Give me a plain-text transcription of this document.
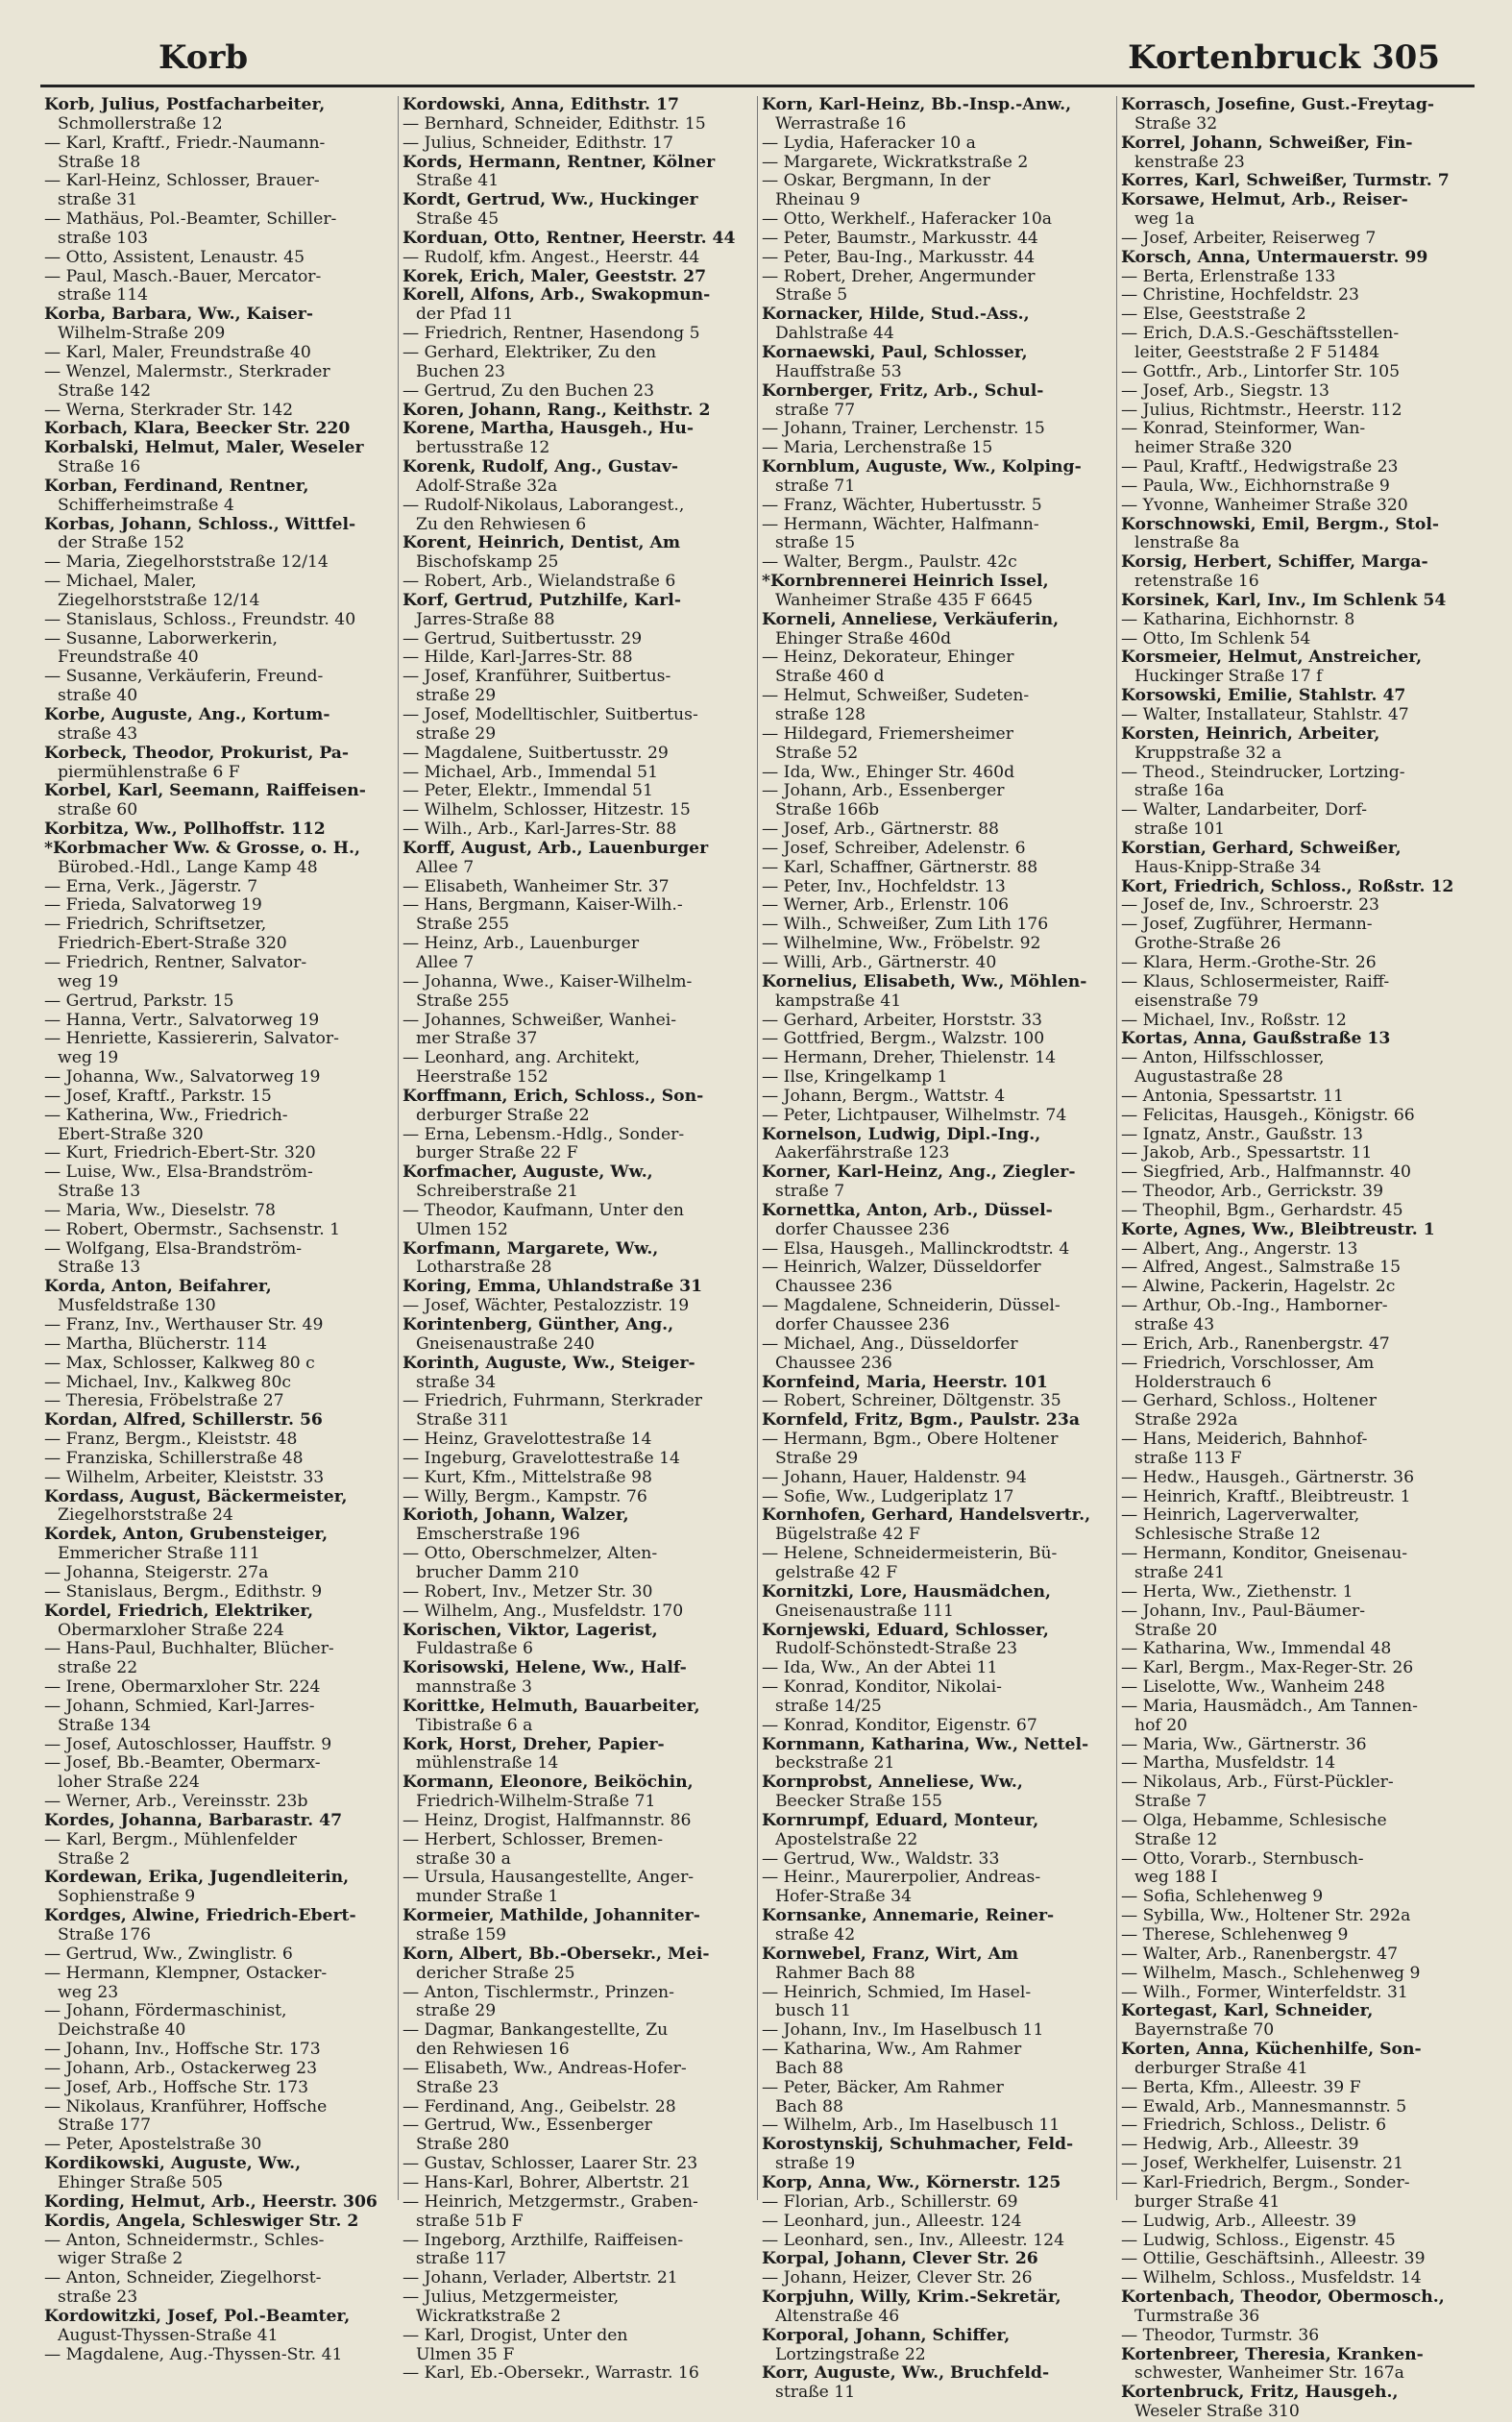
Korb	Kortenbruck 305
Korb, Julius, Postfacharbeiter,
Schmollerstraße 12
— Karl, Kraftf., Friedr.-Naumann-
Straße 18
— Karl-Heinz, Schlosser, Brauer-
straße 31
— Mathäus, Pol.-Beamter, Schiller-
straße 103
— Otto, Assistent, Lenaustr. 45
— Paul, Masch.-Bauer, Mercator-
straße 114
Korba, Barbara, Ww., Kaiser-
Wilhelm-Straße 209
— Karl, Maler, Freundstraße 40
— Wenzel, Malermstr., Sterkrader
Straße 142
— Werna, Sterkrader Str. 142
Korbach, Klara, Beecker Str. 220
Korbalski, Helmut, Maler, Weseler
Straße 16
Korban, Ferdinand, Rentner,
Schifferheimstraße 4
Korbas, Johann, Schloss., Wittfel-
der Straße 152
— Maria, Ziegelhorststraße 12/14
— Michael, Maler,
Ziegelhorststraße 12/14
— Stanislaus, Schloss., Freundstr. 40
— Susanne, Laborwerkerin,
Freundstraße 40
— Susanne, Verkäuferin, Freund-
straße 40
Korbe, Auguste, Ang., Kortum-
straße 43
Korbeck, Theodor, Prokurist, Pa-
piermühlenstraße 6 F
Korbel, Karl, Seemann, Raiffeisen-
straße 60
Korbitza, Ww., Pollhoffstr. 112
*Korbmacher Ww. & Grosse, o. H.,
Bürobed.-Hdl., Lange Kamp 48
— Erna, Verk., Jägerstr. 7
— Frieda, Salvatorweg 19
— Friedrich, Schriftsetzer,
Friedrich-Ebert-Straße 320
— Friedrich, Rentner, Salvator-
weg 19
— Gertrud, Parkstr. 15
— Hanna, Vertr., Salvatorweg 19
— Henriette, Kassiererin, Salvator-
weg 19
— Johanna, Ww., Salvatorweg 19
— Josef, Kraftf., Parkstr. 15
— Katherina, Ww., Friedrich-
Ebert-Straße 320
— Kurt, Friedrich-Ebert-Str. 320
— Luise, Ww., Elsa-Brandström-
Straße 13
— Maria, Ww., Dieselstr. 78
— Robert, Obermstr., Sachsenstr. 1
— Wolfgang, Elsa-Brandström-
Straße 13
Korda, Anton, Beifahrer,
Musfeldstraße 130
— Franz, Inv., Werthauser Str. 49
— Martha, Blücherstr. 114
— Max, Schlosser, Kalkweg 80 c
— Michael, Inv., Kalkweg 80c
— Theresia, Fröbelstraße 27
Kordan, Alfred, Schillerstr. 56
— Franz, Bergm., Kleiststr. 48
— Franziska, Schillerstraße 48
— Wilhelm, Arbeiter, Kleiststr. 33
Kordass, August, Bäckermeister,
Ziegelhorststraße 24
Kordek, Anton, Grubensteiger,
Emmericher Straße 111
— Johanna, Steigerstr. 27a
— Stanislaus, Bergm., Edithstr. 9
Kordel, Friedrich, Elektriker,
Obermarxloher Straße 224
— Hans-Paul, Buchhalter, Blücher-
straße 22
— Irene, Obermarxloher Str. 224
— Johann, Schmied, Karl-Jarres-
Straße 134
— Josef, Autoschlosser, Hauffstr. 9
— Josef, Bb.-Beamter, Obermarx-
loher Straße 224
— Werner, Arb., Vereinsstr. 23b
Kordes, Johanna, Barbarastr. 47
— Karl, Bergm., Mühlenfelder
Straße 2
Kordewan, Erika, Jugendleiterin,
Sophienstraße 9
Kordges, Alwine, Friedrich-Ebert-
Straße 176
— Gertrud, Ww., Zwinglistr. 6
— Hermann, Klempner, Ostacker-
weg 23
— Johann, Fördermaschinist,
Deichstraße 40
— Johann, Inv., Hoffsche Str. 173
— Johann, Arb., Ostackerweg 23
— Josef, Arb., Hoffsche Str. 173
— Nikolaus, Kranführer, Hoffsche
Straße 177
— Peter, Apostelstraße 30
Kordikowski, Auguste, Ww.,
Ehinger Straße 505
Kording, Helmut, Arb., Heerstr. 306
Kordis, Angela, Schleswiger Str. 2
— Anton, Schneidermstr., Schles-
wiger Straße 2
— Anton, Schneider, Ziegelhorst-
straße 23
Kordowitzki, Josef, Pol.-Beamter,
August-Thyssen-Straße 41
— Magdalene, Aug.-Thyssen-Str. 41
Kordowski, Anna, Edithstr. 17
— Bernhard, Schneider, Edithstr. 15
— Julius, Schneider, Edithstr. 17
Kords, Hermann, Rentner, Kölner
Straße 41
Kordt, Gertrud, Ww., Huckinger
Straße 45
Korduan, Otto, Rentner, Heerstr. 44
— Rudolf, kfm. Angest., Heerstr. 44
Korek, Erich, Maler, Geeststr. 27
Korell, Alfons, Arb., Swakopmun-
der Pfad 11
— Friedrich, Rentner, Hasendong 5
— Gerhard, Elektriker, Zu den
Buchen 23
— Gertrud, Zu den Buchen 23
Koren, Johann, Rang., Keithstr. 2
Korene, Martha, Hausgeh., Hu-
bertusstraße 12
Korenk, Rudolf, Ang., Gustav-
Adolf-Straße 32a
— Rudolf-Nikolaus, Laborangest.,
Zu den Rehwiesen 6
Korent, Heinrich, Dentist, Am
Bischofskamp 25
— Robert, Arb., Wielandstraße 6
Korf, Gertrud, Putzhilfe, Karl-
Jarres-Straße 88
— Gertrud, Suitbertusstr. 29
— Hilde, Karl-Jarres-Str. 88
— Josef, Kranführer, Suitbertus-
straße 29
— Josef, Modelltischler, Suitbertus-
straße 29
— Magdalene, Suitbertusstr. 29
— Michael, Arb., Immendal 51
— Peter, Elektr., Immendal 51
— Wilhelm, Schlosser, Hitzestr. 15
— Wilh., Arb., Karl-Jarres-Str. 88
Korff, August, Arb., Lauenburger
Allee 7
— Elisabeth, Wanheimer Str. 37
— Hans, Bergmann, Kaiser-Wilh.-
Straße 255
— Heinz, Arb., Lauenburger
Allee 7
— Johanna, Wwe., Kaiser-Wilhelm-
Straße 255
— Johannes, Schweißer, Wanhei-
mer Straße 37
— Leonhard, ang. Architekt,
Heerstraße 152
Korffmann, Erich, Schloss., Son-
derburger Straße 22
— Erna, Lebensm.-Hdlg., Sonder-
burger Straße 22 F
Korfmacher, Auguste, Ww.,
Schreiberstraße 21
— Theodor, Kaufmann, Unter den
Ulmen 152
Korfmann, Margarete, Ww.,
Lotharstraße 28
Koring, Emma, Uhlandstraße 31
— Josef, Wächter, Pestalozzistr. 19
Korintenberg, Günther, Ang.,
Gneisenaustraße 240
Korinth, Auguste, Ww., Steiger-
straße 34
— Friedrich, Fuhrmann, Sterkrader
Straße 311
— Heinz, Gravelottestraße 14
— Ingeburg, Gravelottestraße 14
— Kurt, Kfm., Mittelstraße 98
— Willy, Bergm., Kampstr. 76
Korioth, Johann, Walzer,
Emscherstraße 196
— Otto, Oberschmelzer, Alten-
brucher Damm 210
— Robert, Inv., Metzer Str. 30
— Wilhelm, Ang., Musfeldstr. 170
Korischen, Viktor, Lagerist,
Fuldastraße 6
Korisowski, Helene, Ww., Half-
mannstraße 3
Korittke, Helmuth, Bauarbeiter,
Tibistraße 6 a
Kork, Horst, Dreher, Papier-
mühlenstraße 14
Kormann, Eleonore, Beiköchin,
Friedrich-Wilhelm-Straße 71
— Heinz, Drogist, Halfmannstr. 86
— Herbert, Schlosser, Bremen-
straße 30 a
— Ursula, Hausangestellte, Anger-
munder Straße 1
Kormeier, Mathilde, Johanniter-
straße 159
Korn, Albert, Bb.-Obersekr., Mei-
dericher Straße 25
— Anton, Tischlermstr., Prinzen-
straße 29
— Dagmar, Bankangestellte, Zu
den Rehwiesen 16
— Elisabeth, Ww., Andreas-Hofer-
Straße 23
— Ferdinand, Ang., Geibelstr. 28
— Gertrud, Ww., Essenberger
Straße 280
— Gustav, Schlosser, Laarer Str. 23
— Hans-Karl, Bohrer, Albertstr. 21
— Heinrich, Metzgermstr., Graben-
straße 51b F
— Ingeborg, Arzthilfe, Raiffeisen-
straße 117
— Johann, Verlader, Albertstr. 21
— Julius, Metzgermeister,
Wickratkstraße 2
— Karl, Drogist, Unter den
Ulmen 35 F
— Karl, Eb.-Obersekr., Warrastr. 16
Korn, Karl-Heinz, Bb.-Insp.-Anw.,
Werrastraße 16
— Lydia, Haferacker 10 a
— Margarete, Wickratkstraße 2
— Oskar, Bergmann, In der
Rheinau 9
— Otto, Werkhelf., Haferacker 10a
— Peter, Baumstr., Markusstr. 44
— Peter, Bau-Ing., Markusstr. 44
— Robert, Dreher, Angermunder
Straße 5
Kornacker, Hilde, Stud.-Ass.,
Dahlstraße 44
Kornaewski, Paul, Schlosser,
Hauffstraße 53
Kornberger, Fritz, Arb., Schul-
straße 77
— Johann, Trainer, Lerchenstr. 15
— Maria, Lerchenstraße 15
Kornblum, Auguste, Ww., Kolping-
straße 71
— Franz, Wächter, Hubertusstr. 5
— Hermann, Wächter, Halfmann-
straße 15
— Walter, Bergm., Paulstr. 42c
*Kornbrennerei Heinrich Issel,
Wanheimer Straße 435 F 6645
Korneli, Anneliese, Verkäuferin,
Ehinger Straße 460d
— Heinz, Dekorateur, Ehinger
Straße 460 d
— Helmut, Schweißer, Sudeten-
straße 128
— Hildegard, Friemersheimer
Straße 52
— Ida, Ww., Ehinger Str. 460d
— Johann, Arb., Essenberger
Straße 166b
— Josef, Arb., Gärtnerstr. 88
— Josef, Schreiber, Adelenstr. 6
— Karl, Schaffner, Gärtnerstr. 88
— Peter, Inv., Hochfeldstr. 13
— Werner, Arb., Erlenstr. 106
— Wilh., Schweißer, Zum Lith 176
— Wilhelmine, Ww., Fröbelstr. 92
— Willi, Arb., Gärtnerstr. 40
Kornelius, Elisabeth, Ww., Möhlen-
kampstraße 41
— Gerhard, Arbeiter, Horststr. 33
— Gottfried, Bergm., Walzstr. 100
— Hermann, Dreher, Thielenstr. 14
— Ilse, Kringelkamp 1
— Johann, Bergm., Wattstr. 4
— Peter, Lichtpauser, Wilhelmstr. 74
Kornelson, Ludwig, Dipl.-Ing.,
Aakerfährstraße 123
Korner, Karl-Heinz, Ang., Ziegler-
straße 7
Kornettka, Anton, Arb., Düssel-
dorfer Chaussee 236
— Elsa, Hausgeh., Mallinckrodtstr. 4
— Heinrich, Walzer, Düsseldorfer
Chaussee 236
— Magdalene, Schneiderin, Düssel-
dorfer Chaussee 236
— Michael, Ang., Düsseldorfer
Chaussee 236
Kornfeind, Maria, Heerstr. 101
— Robert, Schreiner, Döltgenstr. 35
Kornfeld, Fritz, Bgm., Paulstr. 23a
— Hermann, Bgm., Obere Holtener
Straße 29
— Johann, Hauer, Haldenstr. 94
— Sofie, Ww., Ludgeriplatz 17
Kornhofen, Gerhard, Handelsvertr.,
Bügelstraße 42 F
— Helene, Schneidermeisterin, Bü-
gelstraße 42 F
Kornitzki, Lore, Hausmädchen,
Gneisenaustraße 111
Kornjewski, Eduard, Schlosser,
Rudolf-Schönstedt-Straße 23
— Ida, Ww., An der Abtei 11
— Konrad, Konditor, Nikolai-
straße 14/25
— Konrad, Konditor, Eigenstr. 67
Kornmann, Katharina, Ww., Nettel-
beckstraße 21
Kornprobst, Anneliese, Ww.,
Beecker Straße 155
Kornrumpf, Eduard, Monteur,
Apostelstraße 22
— Gertrud, Ww., Waldstr. 33
— Heinr., Maurerpolier, Andreas-
Hofer-Straße 34
Kornsanke, Annemarie, Reiner-
straße 42
Kornwebel, Franz, Wirt, Am
Rahmer Bach 88
— Heinrich, Schmied, Im Hasel-
busch 11
— Johann, Inv., Im Haselbusch 11
— Katharina, Ww., Am Rahmer
Bach 88
— Peter, Bäcker, Am Rahmer
Bach 88
— Wilhelm, Arb., Im Haselbusch 11
Korostynskij, Schuhmacher, Feld-
straße 19
Korp, Anna, Ww., Körnerstr. 125
— Florian, Arb., Schillerstr. 69
— Leonhard, jun., Alleestr. 124
— Leonhard, sen., Inv., Alleestr. 124
Korpal, Johann, Clever Str. 26
— Johann, Heizer, Clever Str. 26
Korpjuhn, Willy, Krim.-Sekretär,
Altenstraße 46
Korporal, Johann, Schiffer,
Lortzingstraße 22
Korr, Auguste, Ww., Bruchfeld-
straße 11
Korrasch, Josefine, Gust.-Freytag-
Straße 32
Korrel, Johann, Schweißer, Fin-
kenstraße 23
Korres, Karl, Schweißer, Turmstr. 7
Korsawe, Helmut, Arb., Reiser-
weg 1a
— Josef, Arbeiter, Reiserweg 7
Korsch, Anna, Untermauerstr. 99
— Berta, Erlenstraße 133
— Christine, Hochfeldstr. 23
— Else, Geeststraße 2
— Erich, D.A.S.-Geschäftsstellen-
leiter, Geeststraße 2 F 51484
— Gottfr., Arb., Lintorfer Str. 105
— Josef, Arb., Siegstr. 13
— Julius, Richtmstr., Heerstr. 112
— Konrad, Steinformer, Wan-
heimer Straße 320
— Paul, Kraftf., Hedwigstraße 23
— Paula, Ww., Eichhornstraße 9
— Yvonne, Wanheimer Straße 320
Korschnowski, Emil, Bergm., Stol-
lenstraße 8a
Korsig, Herbert, Schiffer, Marga-
retenstraße 16
Korsinek, Karl, Inv., Im Schlenk 54
— Katharina, Eichhornstr. 8
— Otto, Im Schlenk 54
Korsmeier, Helmut, Anstreicher,
Huckinger Straße 17 f
Korsowski, Emilie, Stahlstr. 47
— Walter, Installateur, Stahlstr. 47
Korsten, Heinrich, Arbeiter,
Kruppstraße 32 a
— Theod., Steindrucker, Lortzing-
straße 16a
— Walter, Landarbeiter, Dorf-
straße 101
Korstian, Gerhard, Schweißer,
Haus-Knipp-Straße 34
Kort, Friedrich, Schloss., Roßstr. 12
— Josef de, Inv., Schroerstr. 23
— Josef, Zugführer, Hermann-
Grothe-Straße 26
— Klara, Herm.-Grothe-Str. 26
— Klaus, Schlosermeister, Raiff-
eisenstraße 79
— Michael, Inv., Roßstr. 12
Kortas, Anna, Gaußstraße 13
— Anton, Hilfsschlosser,
Augustastraße 28
— Antonia, Spessartstr. 11
— Felicitas, Hausgeh., Königstr. 66
— Ignatz, Anstr., Gaußstr. 13
— Jakob, Arb., Spessartstr. 11
— Siegfried, Arb., Halfmannstr. 40
— Theodor, Arb., Gerrickstr. 39
— Theophil, Bgm., Gerhardstr. 45
Korte, Agnes, Ww., Bleibtreustr. 1
— Albert, Ang., Angerstr. 13
— Alfred, Angest., Salmstraße 15
— Alwine, Packerin, Hagelstr. 2c
— Arthur, Ob.-Ing., Hamborner-
straße 43
— Erich, Arb., Ranenbergstr. 47
— Friedrich, Vorschlosser, Am
Holderstrauch 6
— Gerhard, Schloss., Holtener
Straße 292a
— Hans, Meiderich, Bahnhof-
straße 113 F
— Hedw., Hausgeh., Gärtnerstr. 36
— Heinrich, Kraftf., Bleibtreustr. 1
— Heinrich, Lagerverwalter,
Schlesische Straße 12
— Hermann, Konditor, Gneisenau-
straße 241
— Herta, Ww., Ziethenstr. 1
— Johann, Inv., Paul-Bäumer-
Straße 20
— Katharina, Ww., Immendal 48
— Karl, Bergm., Max-Reger-Str. 26
— Liselotte, Ww., Wanheim 248
— Maria, Hausmädch., Am Tannen-
hof 20
— Maria, Ww., Gärtnerstr. 36
— Martha, Musfeldstr. 14
— Nikolaus, Arb., Fürst-Pückler-
Straße 7
— Olga, Hebamme, Schlesische
Straße 12
— Otto, Vorarb., Sternbusch-
weg 188 I
— Sofia, Schlehenweg 9
— Sybilla, Ww., Holtener Str. 292a
— Therese, Schlehenweg 9
— Walter, Arb., Ranenbergstr. 47
— Wilhelm, Masch., Schlehenweg 9
— Wilh., Former, Winterfeldstr. 31
Kortegast, Karl, Schneider,
Bayernstraße 70
Korten, Anna, Küchenhilfe, Son-
derburger Straße 41
— Berta, Kfm., Alleestr. 39 F
— Ewald, Arb., Mannesmannstr. 5
— Friedrich, Schloss., Delistr. 6
— Hedwig, Arb., Alleestr. 39
— Josef, Werkhelfer, Luisenstr. 21
— Karl-Friedrich, Bergm., Sonder-
burger Straße 41
— Ludwig, Arb., Alleestr. 39
— Ludwig, Schloss., Eigenstr. 45
— Ottilie, Geschäftsinh., Alleestr. 39
— Wilhelm, Schloss., Musfeldstr. 14
Kortenbach, Theodor, Obermosch.,
Turmstraße 36
— Theodor, Turmstr. 36
Kortenbreer, Theresia, Kranken-
schwester, Wanheimer Str. 167a
Kortenbruck, Fritz, Hausgeh.,
Weseler Straße 310
